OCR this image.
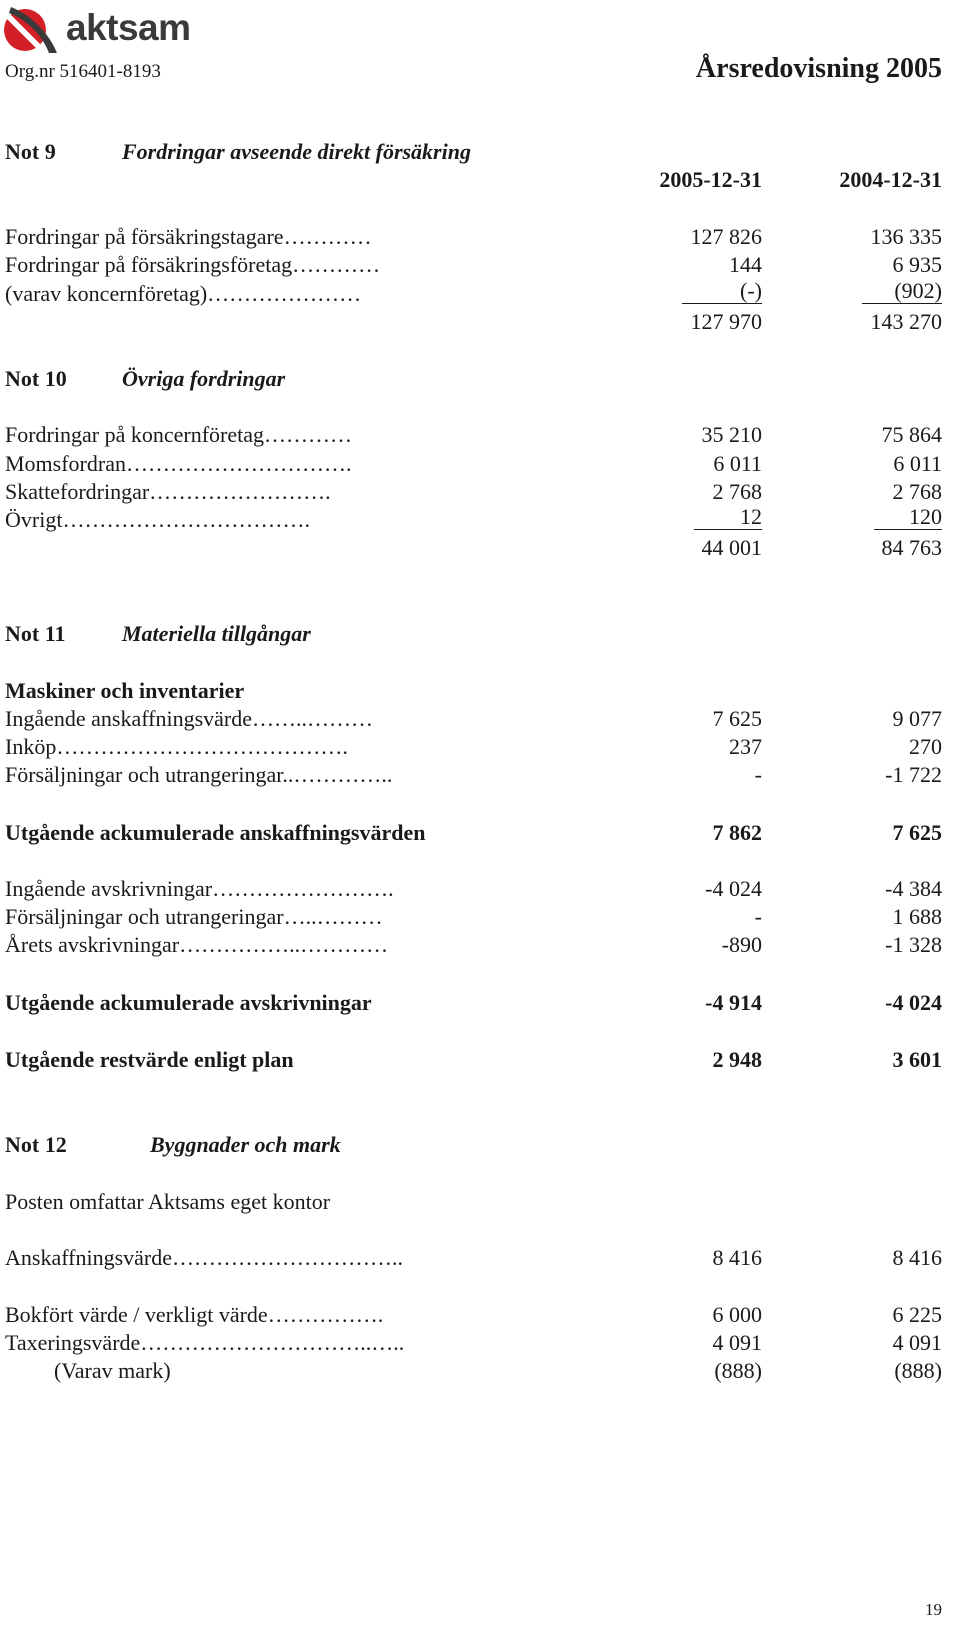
aktsam
Org.nr 516401-8193	Årsredovisning 2005
Not 9	Fordringar avseende direkt försäkring
2005-12-31	2004-12-31
Fordringar på försäkringstagare…………	127 826	136 335
Fordringar på försäkringsföretag…………	144	6 935
(varav koncernföretag)…………………	(-)	(902)
127 970	143 270
Not 10	Övriga fordringar
Fordringar på koncernföretag…………	35 210	75 864
Momsfordran………………………….	6 011	6 011
Skattefordringar…………………….	2 768	2 768
Övrigt…………………………….	12	120
44 001	84 763
Not 11	Materiella tillgångar
Maskiner och inventarier
Ingående anskaffningsvärde……..………	7 625	9 077
Inköp………………………………….	237	270
Försäljningar och utrangeringar..…………..	-	-1 722
Utgående ackumulerade anskaffningsvärden	7 862	7 625
Ingående avskrivningar…………………….	-4 024	-4 384
Försäljningar och utrangeringar…..………	-	1 688
Årets avskrivningar……………..…………	-890	-1 328
Utgående ackumulerade avskrivningar	-4 914	-4 024
Utgående restvärde enligt plan	2 948	3 601
Not 12	Byggnader och mark
Posten omfattar Aktsams eget kontor
Anskaffningsvärde…………………………..	8 416	8 416
Bokfört värde / verkligt värde…………….	6 000	6 225
Taxeringsvärde…………………………..…..	4 091	4 091
(Varav mark)	(888)	(888)
19
